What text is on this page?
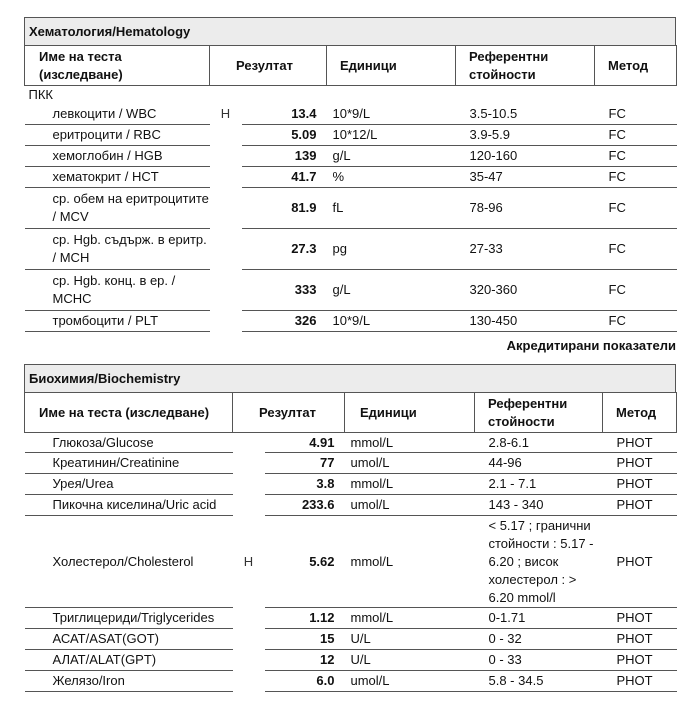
Хематология/Hematology
Име на теста (изследване)	Резултат		Единици	Референтни стойности	Метод
ПКК					
левкоцити / WBC	H	13.4	10*9/L	3.5-10.5	FC
еритроцити / RBC		5.09	10*12/L	3.9-5.9	FC
хемоглобин / HGB		139	g/L	120-160	FC
хематокрит / HCT		41.7	%	35-47	FC
ср. обем на еритроцитите / MCV		81.9	fL	78-96	FC
ср. Hgb. съдърж. в еритр. / MCH		27.3	pg	27-33	FC
ср. Hgb. конц. в ер. / MCHC		333	g/L	320-360	FC
тромбоцити / PLT		326	10*9/L	130-450	FC
Акредитирани показатели
Биохимия/Biochemistry
Име на теста (изследване)	Резултат		Единици	Референтни стойности	Метод
Глюкоза/Glucose		4.91	mmol/L	2.8-6.1	PHOT
Креатинин/Creatinine		77	umol/L	44-96	PHOT
Урея/Urea		3.8	mmol/L	2.1 - 7.1	PHOT
Пикочна киселина/Uric acid		233.6	umol/L	143 - 340	PHOT
Холестерол/Cholesterol	H	5.62	mmol/L	< 5.17 ; гранични стойности : 5.17 - 6.20 ; висок холестерол : > 6.20 mmol/l	PHOT
Триглицериди/Triglycerides		1.12	mmol/L	0-1.71	PHOT
АСАТ/ASAT(GOT)		15	U/L	0 - 32	PHOT
АЛАТ/ALAT(GPT)		12	U/L	0 - 33	PHOT
Желязо/Iron		6.0	umol/L	5.8 - 34.5	PHOT
